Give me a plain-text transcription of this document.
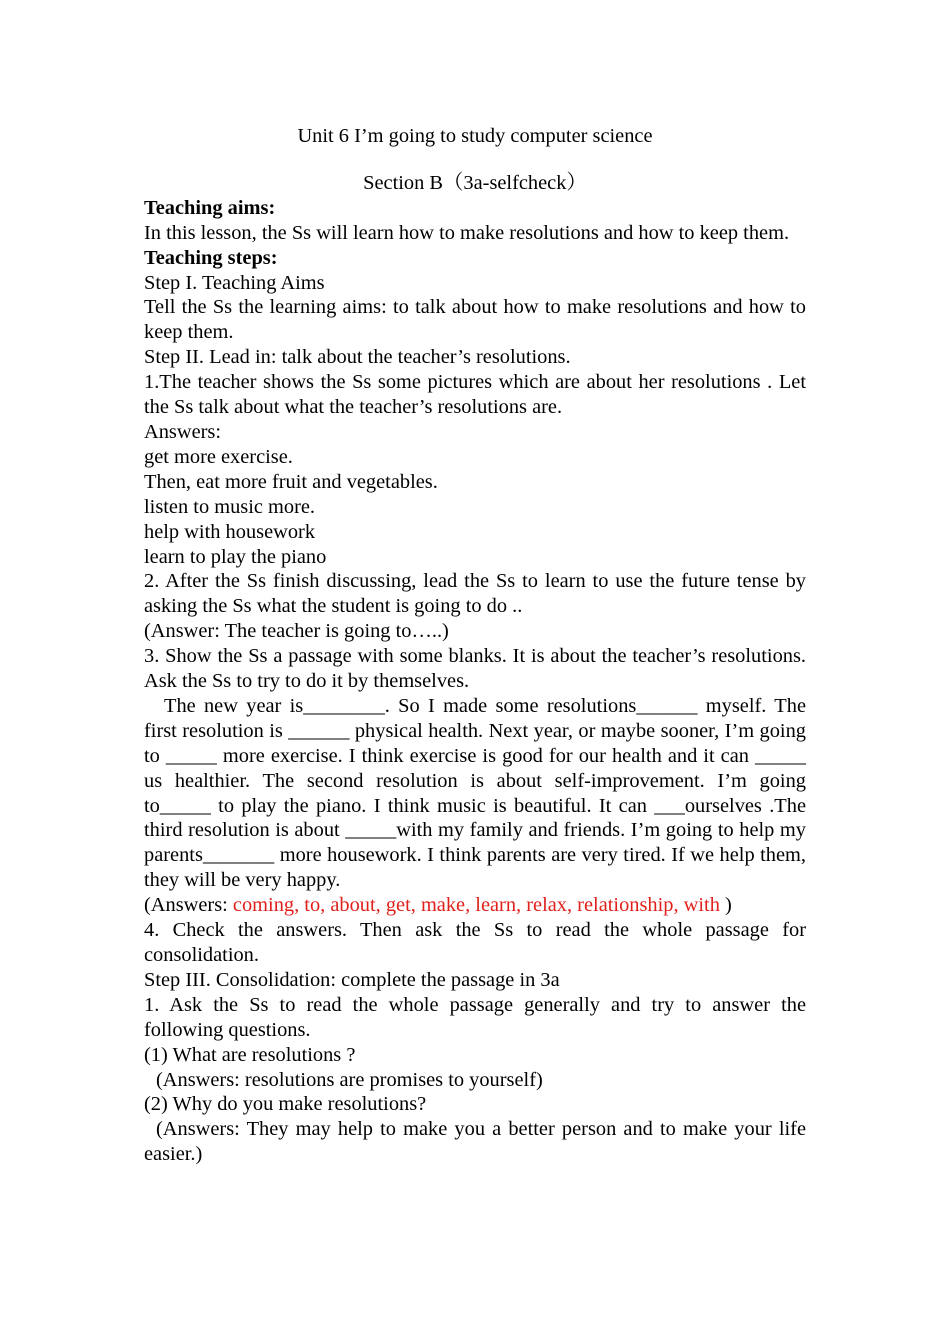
Unit 6 I’m going to study computer science

Section B（3a-selfcheck）

Teaching aims:

In this lesson, the Ss will learn how to make resolutions and how to keep them.

Teaching steps:

Step I. Teaching Aims

Tell the Ss the learning aims: to talk about how to make resolutions and how to keep them.

Step II. Lead in: talk about the teacher’s resolutions.

1.The teacher shows the Ss some pictures which are about her resolutions . Let the Ss talk about what the teacher’s resolutions are.

Answers:

get more exercise.

Then, eat more fruit and vegetables.

listen to music more.

help with housework

learn to play the piano

2. After the Ss finish discussing, lead the Ss to learn to use the future tense by asking the Ss what the student is going to do ..

(Answer: The teacher is going to…..)

3. Show the Ss a passage with some blanks. It is about the teacher’s resolutions. Ask the Ss to try to do it by themselves.

The new year is________. So I made some resolutions______ myself. The first resolution is ______ physical health. Next year, or maybe sooner, I’m going to _____ more exercise. I think exercise is good for our health and it can _____ us healthier. The second resolution is about self-improvement. I’m going to_____ to play the piano. I think music is beautiful. It can ___ourselves .The third resolution is about _____with my family and friends. I’m going to help my parents_______ more housework. I think parents are very tired. If we help them, they will be very happy.

(Answers: coming, to, about, get, make, learn, relax, relationship, with )

4. Check the answers. Then ask the Ss to read the whole passage for consolidation.

Step III. Consolidation: complete the passage in 3a

1. Ask the Ss to read the whole passage generally and try to answer the following questions.

(1) What are resolutions ?

(Answers: resolutions are promises to yourself)

(2) Why do you make resolutions?

(Answers: They may help to make you a better person and to make your life easier.)
